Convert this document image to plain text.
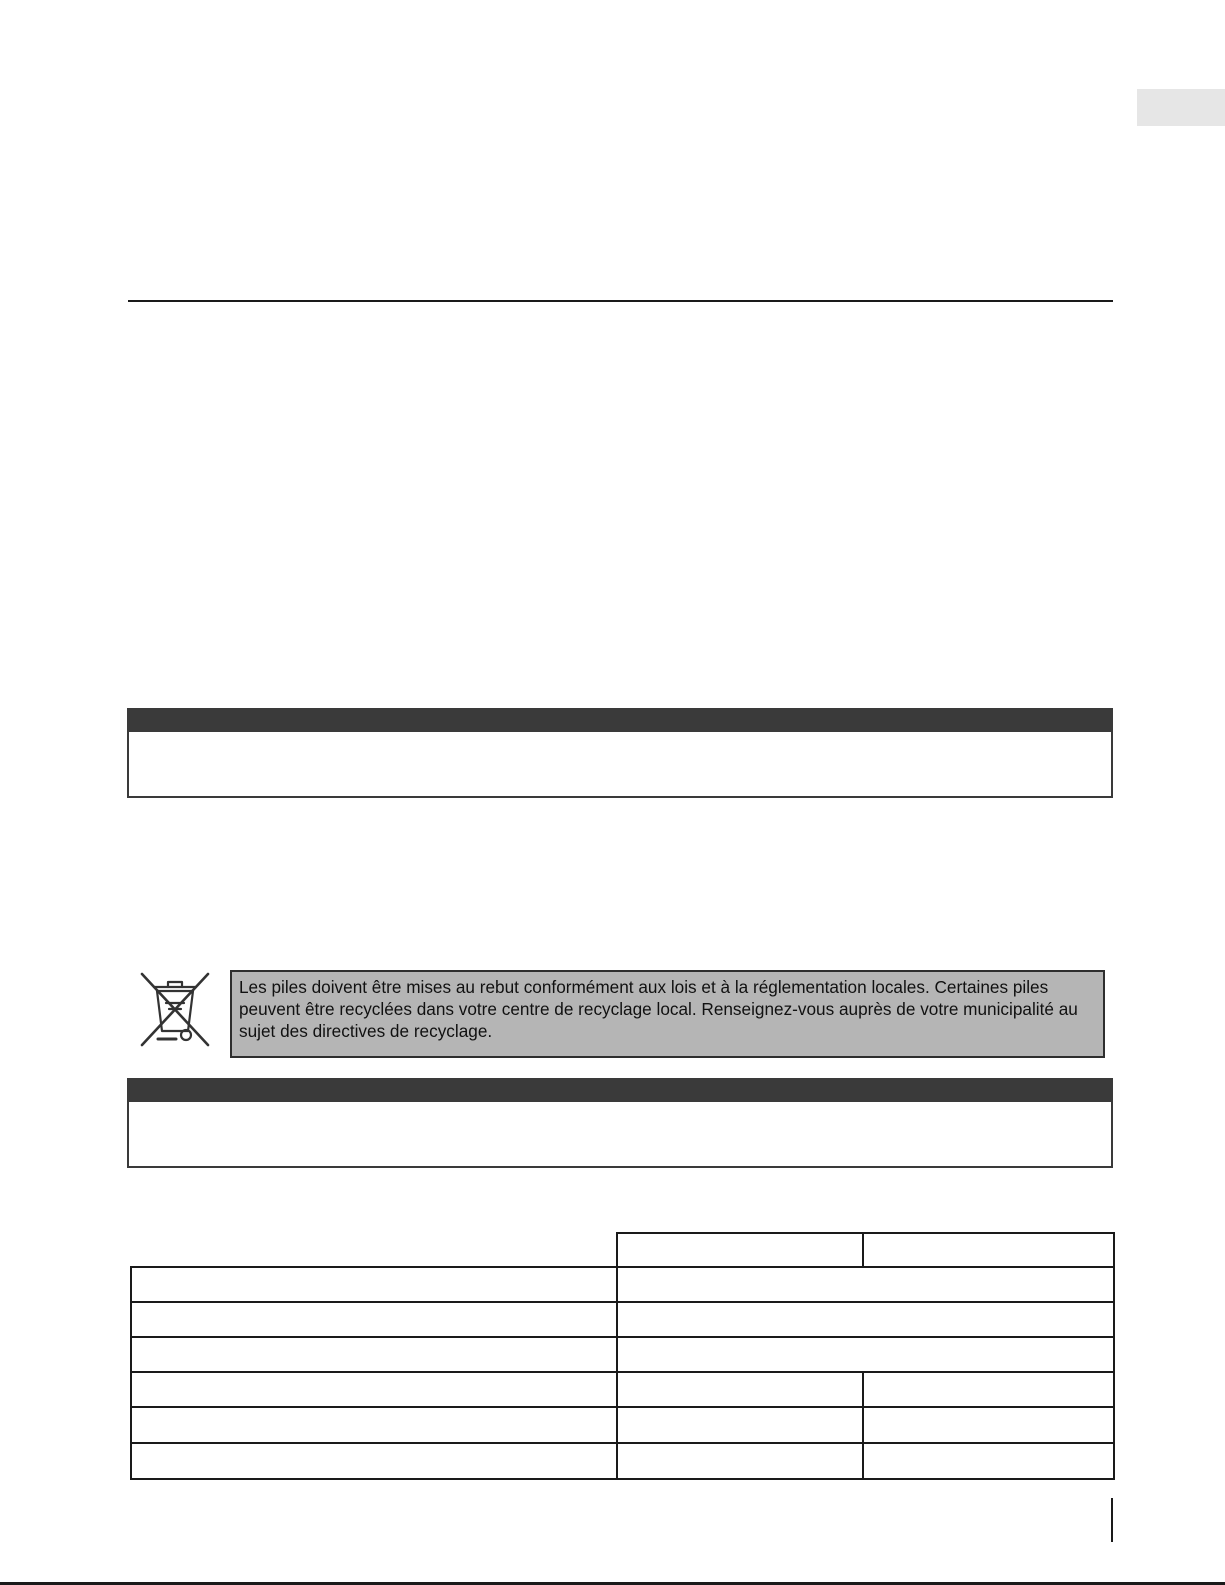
Les piles doivent être mises au rebut conformément aux lois et à la réglementation locales. Certaines piles peuvent être recyclées dans votre centre de recyclage local. Renseignez-vous auprès de votre municipalité au sujet des directives de recyclage.
